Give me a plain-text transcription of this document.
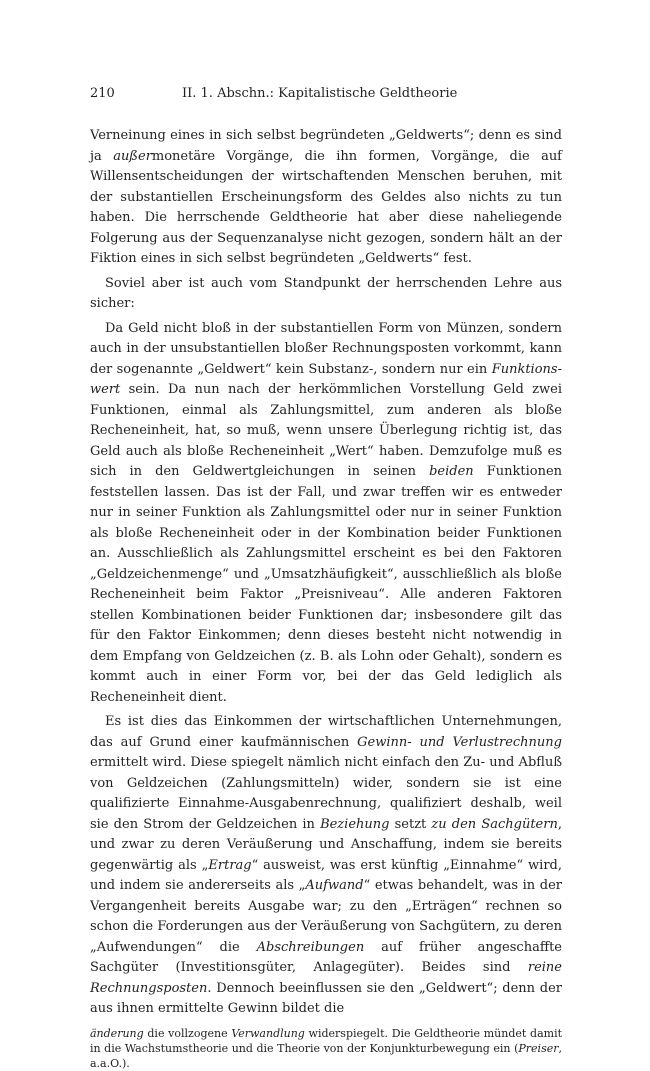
210	II. 1. Abschn.: Kapitalistische Geldtheorie

Verneinung eines in sich selbst begründeten „Geldwerts“; denn es sind ja außermonetäre Vorgänge, die ihn formen, Vorgänge, die auf Willensentscheidungen der wirtschaftenden Menschen beruhen, mit der substantiellen Erscheinungsform des Geldes also nichts zu tun haben. Die herrschende Geldtheorie hat aber diese naheliegende Folgerung aus der Sequenzanalyse nicht gezogen, sondern hält an der Fiktion eines in sich selbst begründeten „Geldwerts“ fest.

Soviel aber ist auch vom Standpunkt der herrschenden Lehre aus sicher:

Da Geld nicht bloß in der substantiellen Form von Münzen, sondern auch in der unsubstantiellen bloßer Rechnungsposten vorkommt, kann der sogenannte „Geldwert“ kein Substanz-, sondern nur ein Funktionswert sein. Da nun nach der herkömmlichen Vorstellung Geld zwei Funktionen, einmal als Zahlungsmittel, zum anderen als bloße Recheneinheit, hat, so muß, wenn unsere Überlegung richtig ist, das Geld auch als bloße Recheneinheit „Wert“ haben. Demzufolge muß es sich in den Geldwertgleichungen in seinen beiden Funktionen feststellen lassen. Das ist der Fall, und zwar treffen wir es entweder nur in seiner Funktion als Zahlungsmittel oder nur in seiner Funktion als bloße Recheneinheit oder in der Kombination beider Funktionen an. Ausschließlich als Zahlungsmittel erscheint es bei den Faktoren „Geldzeichenmenge“ und „Umsatzhäufigkeit“, ausschließlich als bloße Recheneinheit beim Faktor „Preisniveau“. Alle anderen Faktoren stellen Kombinationen beider Funktionen dar; insbesondere gilt das für den Faktor Einkommen; denn dieses besteht nicht notwendig in dem Empfang von Geldzeichen (z. B. als Lohn oder Gehalt), sondern es kommt auch in einer Form vor, bei der das Geld lediglich als Recheneinheit dient.

Es ist dies das Einkommen der wirtschaftlichen Unternehmungen, das auf Grund einer kaufmännischen Gewinn- und Verlustrechnung ermittelt wird. Diese spiegelt nämlich nicht einfach den Zu- und Abfluß von Geldzeichen (Zahlungsmitteln) wider, sondern sie ist eine qualifizierte Einnahme-Ausgabenrechnung, qualifiziert deshalb, weil sie den Strom der Geldzeichen in Beziehung setzt zu den Sachgütern, und zwar zu deren Veräußerung und Anschaffung, indem sie bereits gegenwärtig als „Ertrag“ ausweist, was erst künftig „Einnahme“ wird, und indem sie andererseits als „Aufwand“ etwas behandelt, was in der Vergangenheit bereits Ausgabe war; zu den „Erträgen“ rechnen so schon die Forderungen aus der Veräußerung von Sachgütern, zu deren „Aufwendungen“ die Abschreibungen auf früher angeschaffte Sachgüter (Investitionsgüter, Anlagegüter). Beides sind reine Rechnungsposten. Dennoch beeinflussen sie den „Geldwert“; denn der aus ihnen ermittelte Gewinn bildet die

änderung die vollzogene Verwandlung widerspiegelt. Die Geldtheorie mündet damit in die Wachstumstheorie und die Theorie von der Konjunkturbewegung ein (Preiser, a.a.O.).
